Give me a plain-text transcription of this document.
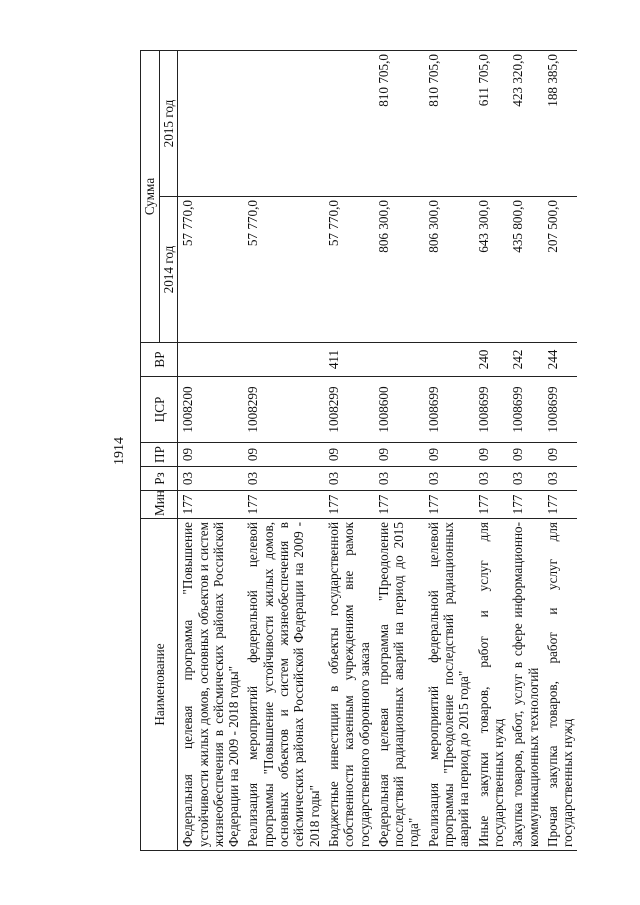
1914
Наименование	Мин	Рз	ПР	ЦСР	ВР	Сумма	
						2014 год	2015 год
Федеральная целевая программа "Повышение устойчивости жилых домов, основных объектов и систем жизнеобеспечения в сейсмических районах Российской Федерации на 2009 - 2018 годы"	177	03	09	1008200		57 770,0	
Реализация мероприятий федеральной целевой программы "Повышение устойчивости жилых домов, основных объектов и систем жизнеобеспечения в сейсмических районах Российской Федерации на 2009 - 2018 годы"	177	03	09	1008299		57 770,0	
Бюджетные инвестиции в объекты государственной собственности казенным учреждениям вне рамок государственного оборонного заказа	177	03	09	1008299	411	57 770,0	
Федеральная целевая программа "Преодоление последствий радиационных аварий на период до 2015 года"	177	03	09	1008600		806 300,0	810 705,0
Реализация мероприятий федеральной целевой программы "Преодоление последствий радиационных аварий на период до 2015 года"	177	03	09	1008699		806 300,0	810 705,0
Иные закупки товаров, работ и услуг для государственных нужд	177	03	09	1008699	240	643 300,0	611 705,0
Закупка товаров, работ, услуг в сфере информационно-коммуникационных технологий	177	03	09	1008699	242	435 800,0	423 320,0
Прочая закупка товаров, работ и услуг для государственных нужд	177	03	09	1008699	244	207 500,0	188 385,0
